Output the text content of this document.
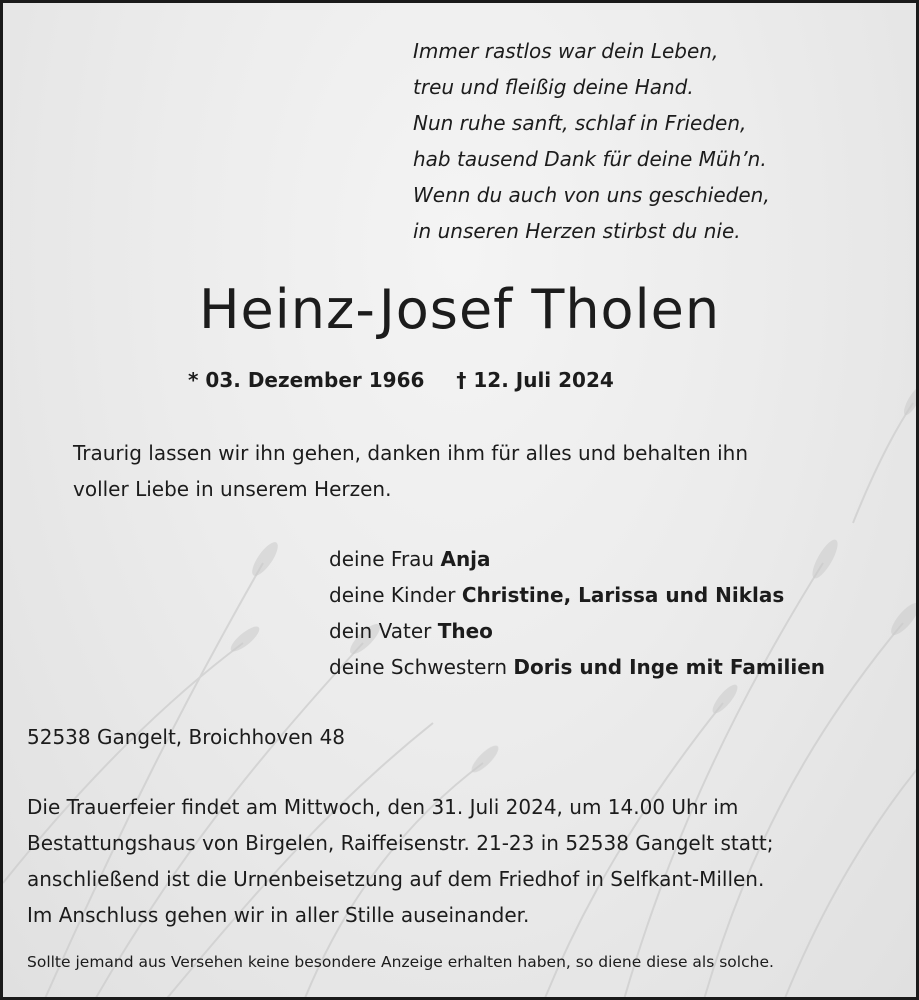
Immer rastlos war dein Leben,
treu und fleißig deine Hand.
Nun ruhe sanft, schlaf in Frieden,
hab tausend Dank für deine Müh’n.
Wenn du auch von uns geschieden,
in unseren Herzen stirbst du nie.
Heinz-Josef Tholen
* 03. Dezember 1966 † 12. Juli 2024
Traurig lassen wir ihn gehen, danken ihm für alles und behalten ihn
voller Liebe in unserem Herzen.
deine Frau Anja
deine Kinder Christine, Larissa und Niklas
dein Vater Theo
deine Schwestern Doris und Inge mit Familien
52538 Gangelt, Broichhoven 48
Die Trauerfeier findet am Mittwoch, den 31. Juli 2024, um 14.00 Uhr im
Bestattungshaus von Birgelen, Raiffeisenstr. 21-23 in 52538 Gangelt statt;
anschließend ist die Urnenbeisetzung auf dem Friedhof in Selfkant-Millen.
Im Anschluss gehen wir in aller Stille auseinander.
Sollte jemand aus Versehen keine besondere Anzeige erhalten haben, so diene diese als solche.
